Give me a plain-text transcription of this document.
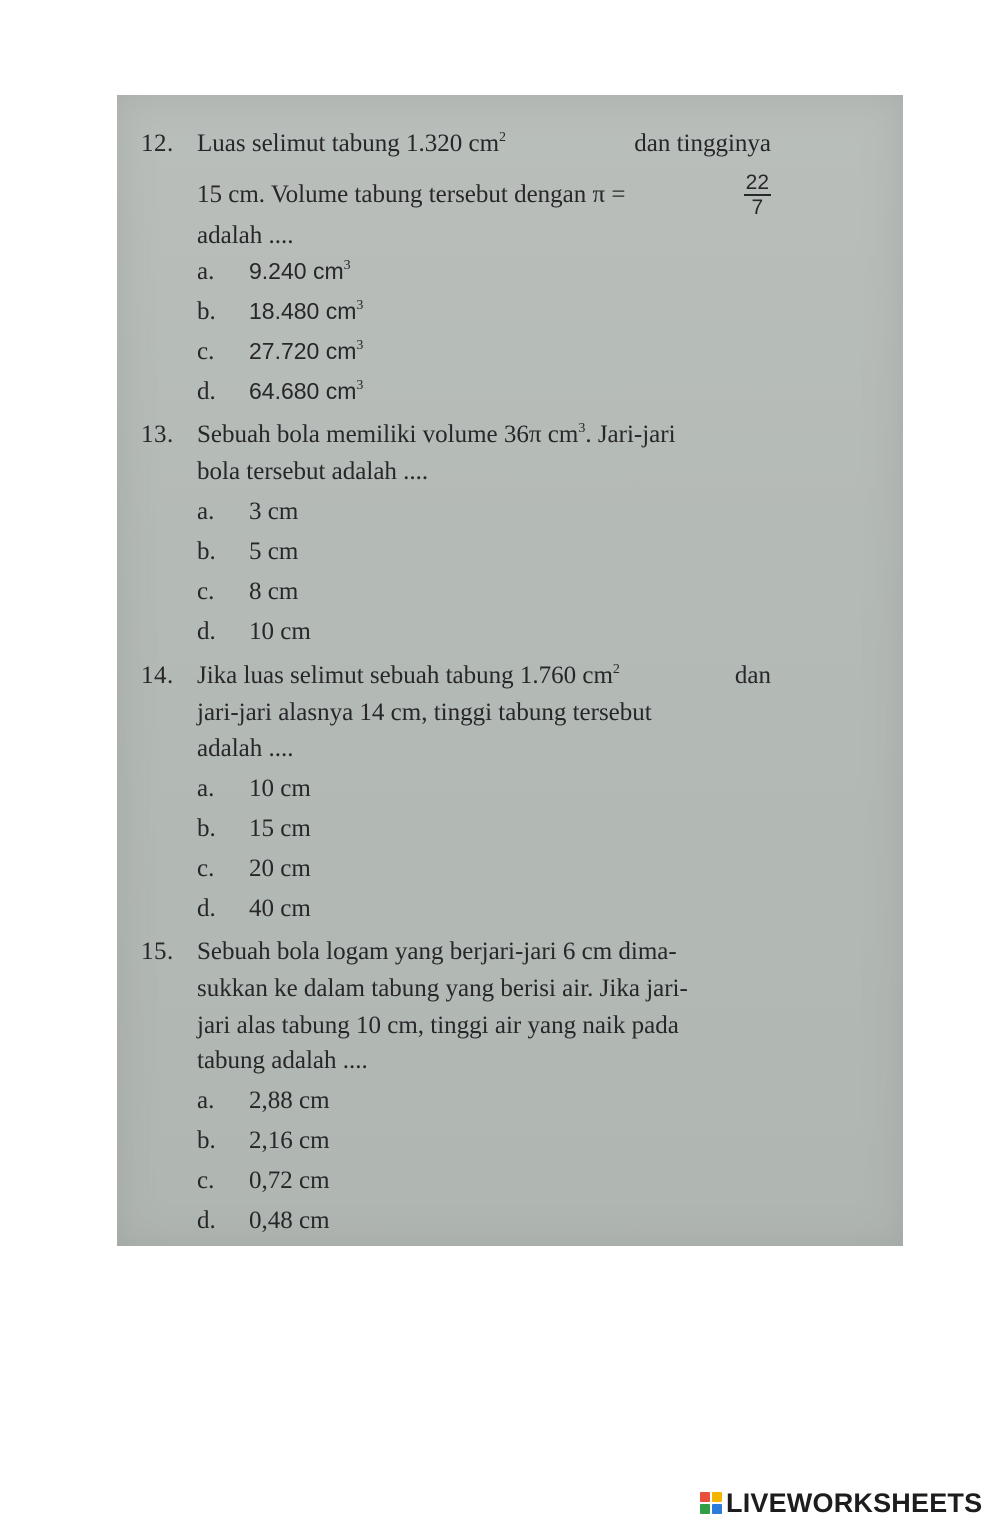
12. Luas selimut tabung 1.320 $cm^2$	dan tingginya
15 cm. Volume tabung tersebut dengan π =	$\frac{22}{7}$
adalah ....
a. 9.240 $cm^3$
b. 18.480 $cm^3$
c. 27.720 $cm^3$
d. 64.680 $cm^3$
13. Sebuah bola memiliki volume 36π $cm^3$. Jari-jari
bola tersebut adalah ....
a. 3 cm
b. 5 cm
c. 8 cm
d. 10 cm
14. Jika luas selimut sebuah tabung 1.760 $cm^2$	dan
jari-jari alasnya 14 cm, tinggi tabung tersebut
adalah ....
a. 10 cm
b. 15 cm
c. 20 cm
d. 40 cm
15. Sebuah bola logam yang berjari-jari 6 cm dima-
sukkan ke dalam tabung yang berisi air. Jika jari-
jari alas tabung 10 cm, tinggi air yang naik pada
tabung adalah ....
a. 2,88 cm
b. 2,16 cm
c. 0,72 cm
d. 0,48 cm
LIVEWORKSHEETS
